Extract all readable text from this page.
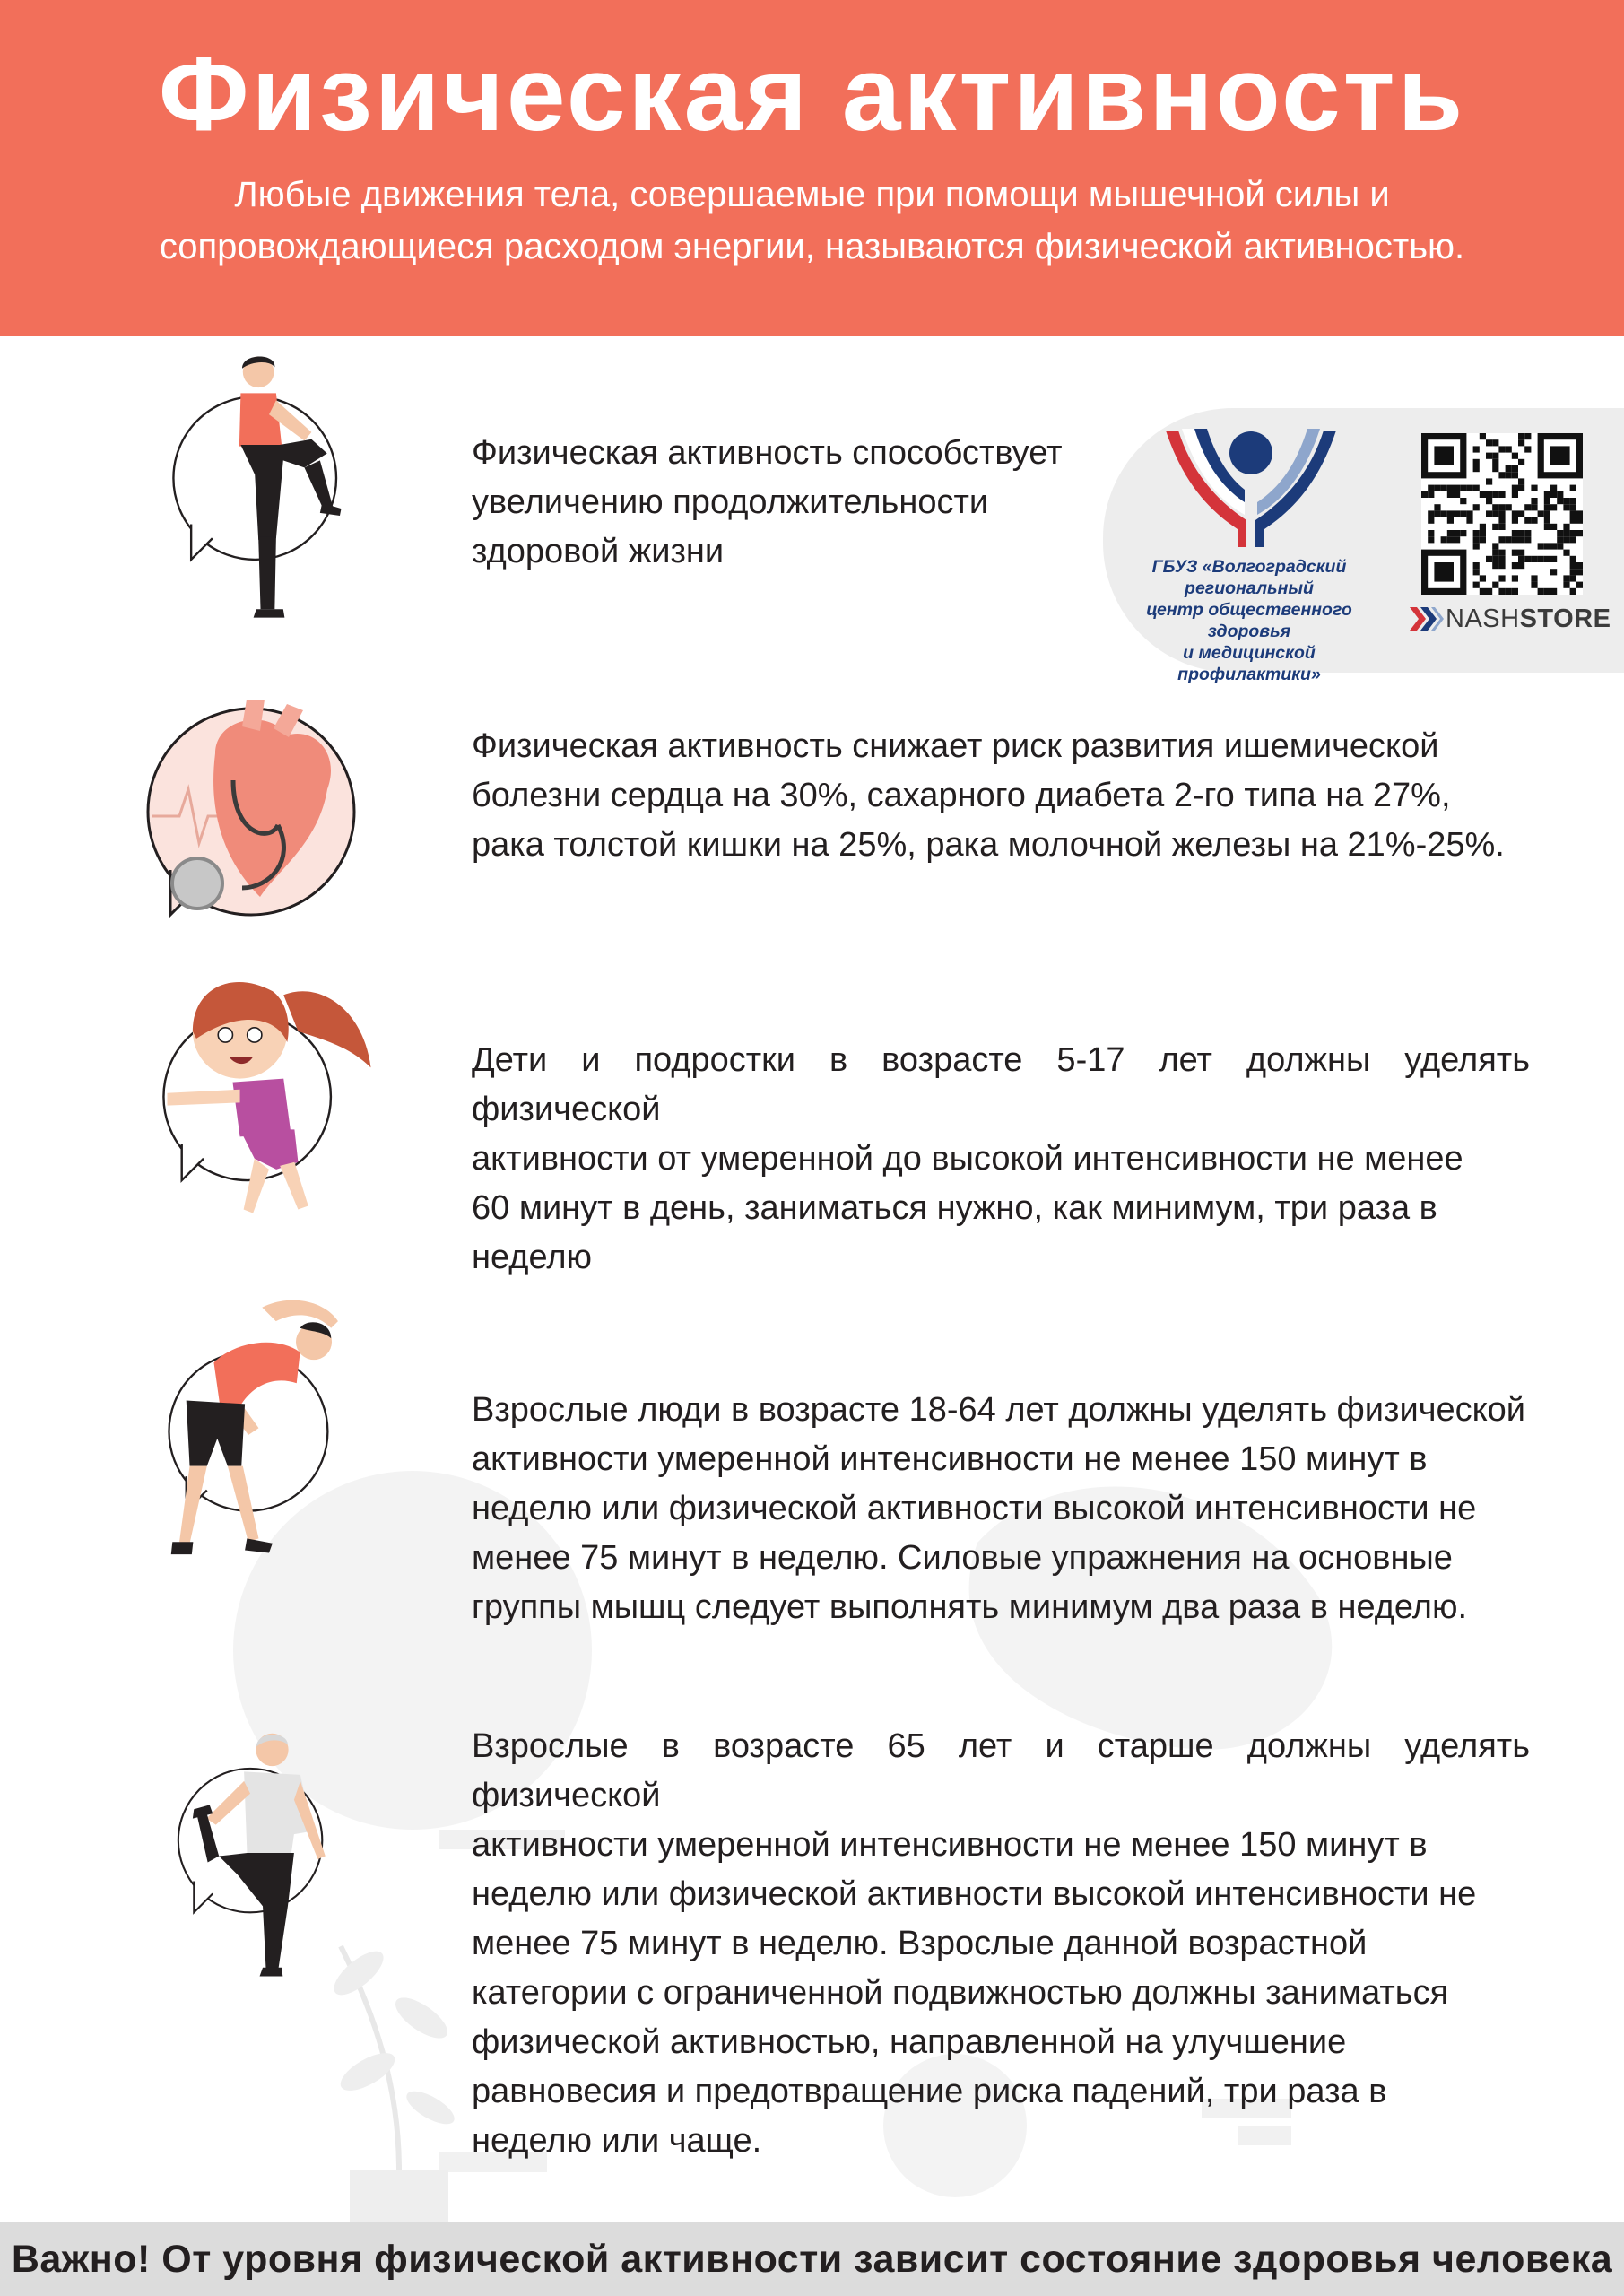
Физическая активность
Любые движения тела, совершаемые при помощи мышечной силы и
сопровождающиеся расходом энергии, называются физической активностью.
ГБУЗ «Волгоградский региональный
центр общественного здоровья
и медицинской профилактики»
NASHSTORE
Физическая активность способствует
увеличению продолжительности
здоровой жизни
Физическая активность снижает риск развития ишемической
болезни сердца на 30%, сахарного диабета 2-го типа на 27%,
рака толстой кишки на 25%, рака молочной железы на 21%-25%.
Дети и подростки в возрасте 5-17 лет должны уделять физической
активности от умеренной до высокой интенсивности не менее
60 минут в день, заниматься нужно, как минимум, три раза в
неделю
Взрослые люди в возрасте 18-64 лет должны уделять физической
активности умеренной интенсивности не менее 150 минут в
неделю или физической активности высокой интенсивности не
менее 75 минут в неделю. Силовые упражнения на основные
группы мышц следует выполнять минимум два раза в неделю.
Взрослые в возрасте 65 лет и старше должны уделять физической
активности умеренной интенсивности не менее 150 минут в
неделю или физической активности высокой интенсивности не
менее 75 минут в неделю. Взрослые данной возрастной
категории с ограниченной подвижностью должны заниматься
физической активностью, направленной на улучшение
равновесия и предотвращение риска падений, три раза в
неделю или чаще.
Важно! От уровня физической активности зависит состояние здоровья человека
